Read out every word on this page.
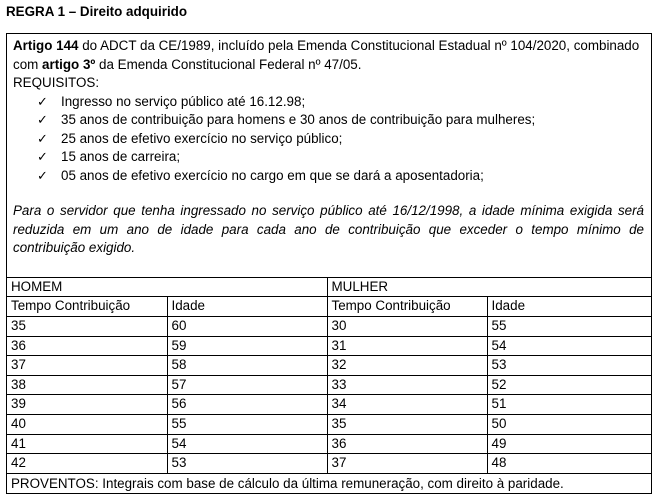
REGRA 1 – Direito adquirido
Artigo 144 do ADCT da CE/1989, incluído pela Emenda Constitucional Estadual nº 104/2020, combinado com artigo 3º da Emenda Constitucional Federal nº 47/05.
REQUISITOS:
✓ Ingresso no serviço público até 16.12.98;
✓ 35 anos de contribuição para homens e 30 anos de contribuição para mulheres;
✓ 25 anos de efetivo exercício no serviço público;
✓ 15 anos de carreira;
✓ 05 anos de efetivo exercício no cargo em que se dará a aposentadoria;
Para o servidor que tenha ingressado no serviço público até 16/12/1998, a idade mínima exigida será reduzida em um ano de idade para cada ano de contribuição que exceder o tempo mínimo de contribuição exigido.
HOMEM		MULHER	
Tempo Contribuição	Idade	Tempo Contribuição	Idade
35	60	30	55
36	59	31	54
37	58	32	53
38	57	33	52
39	56	34	51
40	55	35	50
41	54	36	49
42	53	37	48
PROVENTOS: Integrais com base de cálculo da última remuneração, com direito à paridade.
